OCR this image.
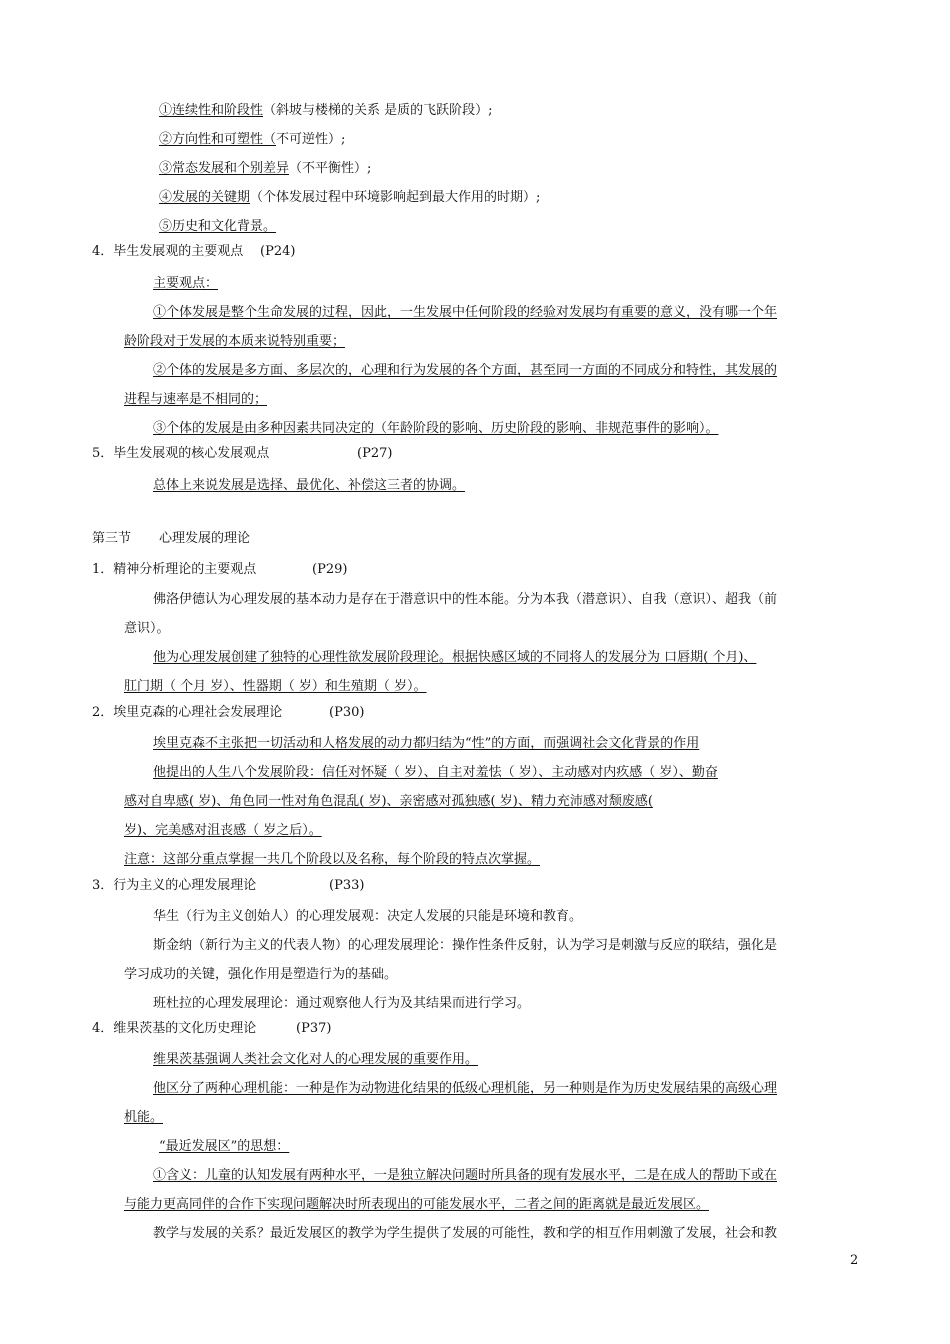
①连续性和阶段性（斜坡与楼梯的关系 是质的飞跃阶段）;
②方向性和可塑性（不可逆性）;
③常态发展和个别差异（不平衡性）;
④发展的关键期（个体发展过程中环境影响起到最大作用的时期）;
⑤历史和文化背景。
4．毕生发展观的主要观点 (P24)
主要观点：
①个体发展是整个生命发展的过程，因此，一生发展中任何阶段的经验对发展均有重要的意义，没有哪一个年
龄阶段对于发展的本质来说特别重要；
②个体的发展是多方面、多层次的，心理和行为发展的各个方面，甚至同一方面的不同成分和特性，其发展的
进程与速率是不相同的；
③个体的发展是由多种因素共同决定的（年龄阶段的影响、历史阶段的影响、非规范事件的影响）。
5．毕生发展观的核心发展观点	(P27)
总体上来说发展是选择、最优化、补偿这三者的协调。
第三节 心理发展的理论
1．精神分析理论的主要观点	(P29)
佛洛伊德认为心理发展的基本动力是存在于潜意识中的性本能。分为本我（潜意识）、自我（意识）、超我（前
意识）。
他为心理发展创建了独特的心理性欲发展阶段理论。根据快感区域的不同将人的发展分为 口唇期( 个月)、
肛门期（ 个月 岁）、性器期（ 岁）和生殖期（ 岁）。
2．埃里克森的心理社会发展理论	(P30)
埃里克森不主张把一切活动和人格发展的动力都归结为“性”的方面，而强调社会文化背景的作用
他提出的人生八个发展阶段：信任对怀疑（ 岁）、自主对羞怯（ 岁）、主动感对内疚感（ 岁）、勤奋
感对自卑感( 岁)、角色同一性对角色混乱( 岁)、亲密感对孤独感( 岁)、精力充沛感对颓废感(
岁)、完美感对沮丧感（ 岁之后）。
注意：这部分重点掌握一共几个阶段以及名称，每个阶段的特点次掌握。
3．行为主义的心理发展理论	(P33)
华生（行为主义创始人）的心理发展观：决定人发展的只能是环境和教育。
斯金纳（新行为主义的代表人物）的心理发展理论：操作性条件反射，认为学习是刺激与反应的联结，强化是
学习成功的关键，强化作用是塑造行为的基础。
班杜拉的心理发展理论：通过观察他人行为及其结果而进行学习。
4．维果茨基的文化历史理论	(P37)
维果茨基强调人类社会文化对人的心理发展的重要作用。
他区分了两种心理机能：一种是作为动物进化结果的低级心理机能，另一种则是作为历史发展结果的高级心理
机能。
“最近发展区”的思想：
①含义：儿童的认知发展有两种水平，一是独立解决问题时所具备的现有发展水平，二是在成人的帮助下或在
与能力更高同伴的合作下实现问题解决时所表现出的可能发展水平，二者之间的距离就是最近发展区。
教学与发展的关系？最近发展区的教学为学生提供了发展的可能性，教和学的相互作用刺激了发展，社会和教
2
